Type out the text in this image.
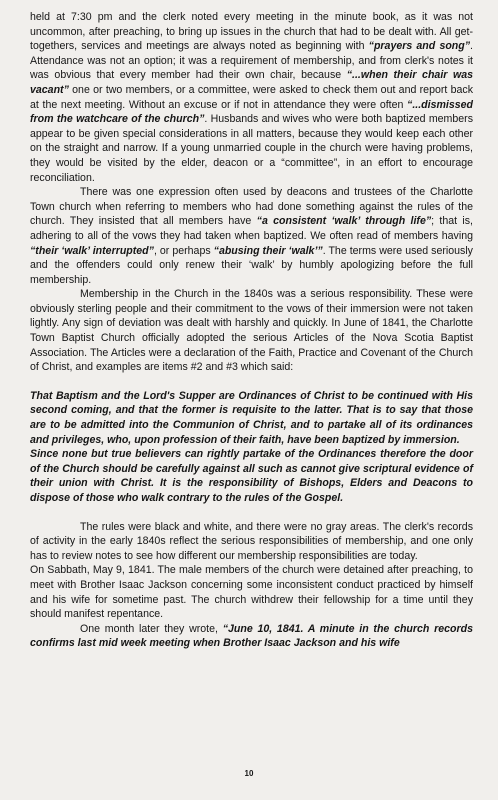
held at 7:30 pm and the clerk noted every meeting in the minute book, as it was not uncommon, after preaching, to bring up issues in the church that had to be dealt with. All get-togethers, services and meetings are always noted as beginning with “prayers and song”. Attendance was not an option; it was a requirement of membership, and from clerk's notes it was obvious that every member had their own chair, because “...when their chair was vacant” one or two members, or a committee, were asked to check them out and report back at the next meeting. Without an excuse or if not in attendance they were often “...dismissed from the watchcare of the church”. Husbands and wives who were both baptized members appear to be given special considerations in all matters, because they would keep each other on the straight and narrow. If a young unmarried couple in the church were having problems, they would be visited by the elder, deacon or a “committee”, in an effort to encourage reconciliation.

There was one expression often used by deacons and trustees of the Charlotte Town church when referring to members who had done something against the rules of the church. They insisted that all members have “a consistent ‘walk’ through life”; that is, adhering to all of the vows they had taken when baptized. We often read of members having “their ‘walk’ interrupted”, or perhaps “abusing their ‘walk’”. The terms were used seriously and the offenders could only renew their ‘walk’ by humbly apologizing before the full membership.

Membership in the Church in the 1840s was a serious responsibility. These were obviously sterling people and their commitment to the vows of their immersion were not taken lightly. Any sign of deviation was dealt with harshly and quickly. In June of 1841, the Charlotte Town Baptist Church officially adopted the serious Articles of the Nova Scotia Baptist Association. The Articles were a declaration of the Faith, Practice and Covenant of the Church of Christ, and examples are items #2 and #3 which said:

That Baptism and the Lord's Supper are Ordinances of Christ to be continued with His second coming, and that the former is requisite to the latter. That is to say that those are to be admitted into the Communion of Christ, and to partake all of its ordinances and privileges, who, upon profession of their faith, have been baptized by immersion.

Since none but true believers can rightly partake of the Ordinances therefore the door of the Church should be carefully against all such as cannot give scriptural evidence of their union with Christ. It is the responsibility of Bishops, Elders and Deacons to dispose of those who walk contrary to the rules of the Gospel.

The rules were black and white, and there were no gray areas. The clerk's records of activity in the early 1840s reflect the serious responsibilities of membership, and one only has to review notes to see how different our membership responsibilities are today.

On Sabbath, May 9, 1841. The male members of the church were detained after preaching, to meet with Brother Isaac Jackson concerning some inconsistent conduct practiced by himself and his wife for sometime past. The church withdrew their fellowship for a time until they should manifest repentance.

One month later they wrote, “June 10, 1841. A minute in the church records confirms last mid week meeting when Brother Isaac Jackson and his wife

10
